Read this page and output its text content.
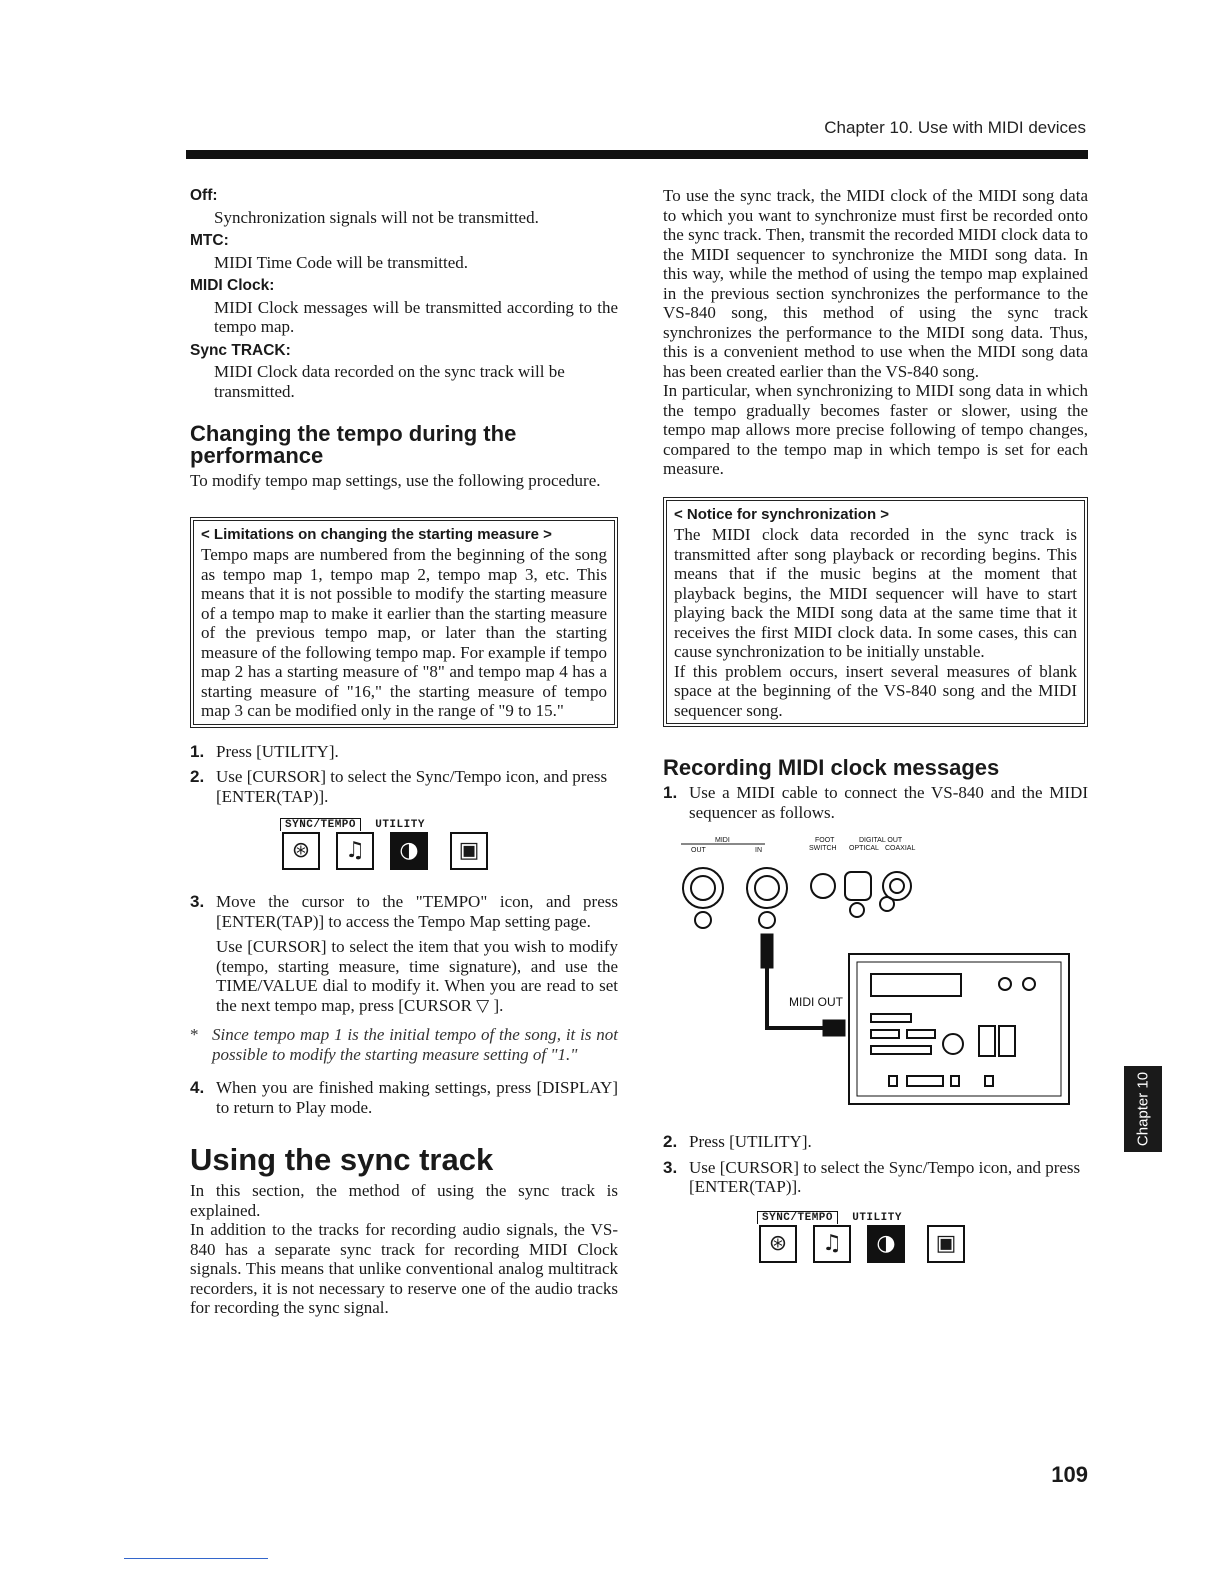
Chapter 10. Use with MIDI devices

Off:

Synchronization signals will not be transmitted.

MTC:

MIDI Time Code will be transmitted.

MIDI Clock:

MIDI Clock messages will be transmitted according to the tempo map.

Sync TRACK:

MIDI Clock data recorded on the sync track will be transmitted.

Changing the tempo during the performance

To modify tempo map settings, use the following procedure.

< Limitations on changing the starting measure >

Tempo maps are numbered from the beginning of the song as tempo map 1, tempo map 2, tempo map 3, etc. This means that it is not possible to modify the starting measure of a tempo map to make it earlier than the starting measure of the previous tempo map, or later than the starting measure of the following tempo map. For example if tempo map 2 has a starting measure of "8" and tempo map 4 has a starting measure of "16," the starting measure of tempo map 3 can be modified only in the range of "9 to 15."

1. Press [UTILITY].

2. Use [CURSOR] to select the Sync/Tempo icon, and press [ENTER(TAP)].

SYNC/TEMPO UTILITY
⊛	♫	◑	▣

3. Move the cursor to the "TEMPO" icon, and press [ENTER(TAP)] to access the Tempo Map setting page.

Use [CURSOR] to select the item that you wish to modify (tempo, starting measure, time signature), and use the TIME/VALUE dial to modify it. When you are read to set the next tempo map, press [CURSOR ▽ ].

* Since tempo map 1 is the initial tempo of the song, it is not possible to modify the starting measure setting of "1."

4. When you are finished making settings, press [DISPLAY] to return to Play mode.

Using the sync track

In this section, the method of using the sync track is explained.

In addition to the tracks for recording audio signals, the VS-840 has a separate sync track for recording MIDI Clock signals. This means that unlike conventional analog multitrack recorders, it is not necessary to reserve one of the audio tracks for recording the sync signal.

To use the sync track, the MIDI clock of the MIDI song data to which you want to synchronize must first be recorded onto the sync track. Then, transmit the recorded MIDI clock data to the MIDI sequencer to synchronize the MIDI song data. In this way, while the method of using the tempo map explained in the previous section synchronizes the performance to the VS-840 song, this method of using the sync track synchronizes the performance to the MIDI song data. Thus, this is a convenient method to use when the MIDI song data has been created earlier than the VS-840 song.

In particular, when synchronizing to MIDI song data in which the tempo gradually becomes faster or slower, using the tempo map allows more precise following of tempo changes, compared to the tempo map in which tempo is set for each measure.

< Notice for synchronization >

The MIDI clock data recorded in the sync track is transmitted after song playback or recording begins. This means that if the music begins at the moment that playback begins, the MIDI sequencer will have to start playing back the MIDI song data at the same time that it receives the first MIDI clock data. In some cases, this can cause synchronization to be initially unstable.

If this problem occurs, insert several measures of blank space at the beginning of the VS-840 song and the MIDI sequencer song.

Recording MIDI clock messages

1. Use a MIDI cable to connect the VS-840 and the MIDI sequencer as follows.

MIDI
OUT	IN
FOOT
SWITCH
DIGITAL OUT
OPTICAL COAXIAL
MIDI OUT

2. Press [UTILITY].

3. Use [CURSOR] to select the Sync/Tempo icon, and press [ENTER(TAP)].

SYNC/TEMPO UTILITY
⊛	♫	◑	▣
Chapter 10
109
